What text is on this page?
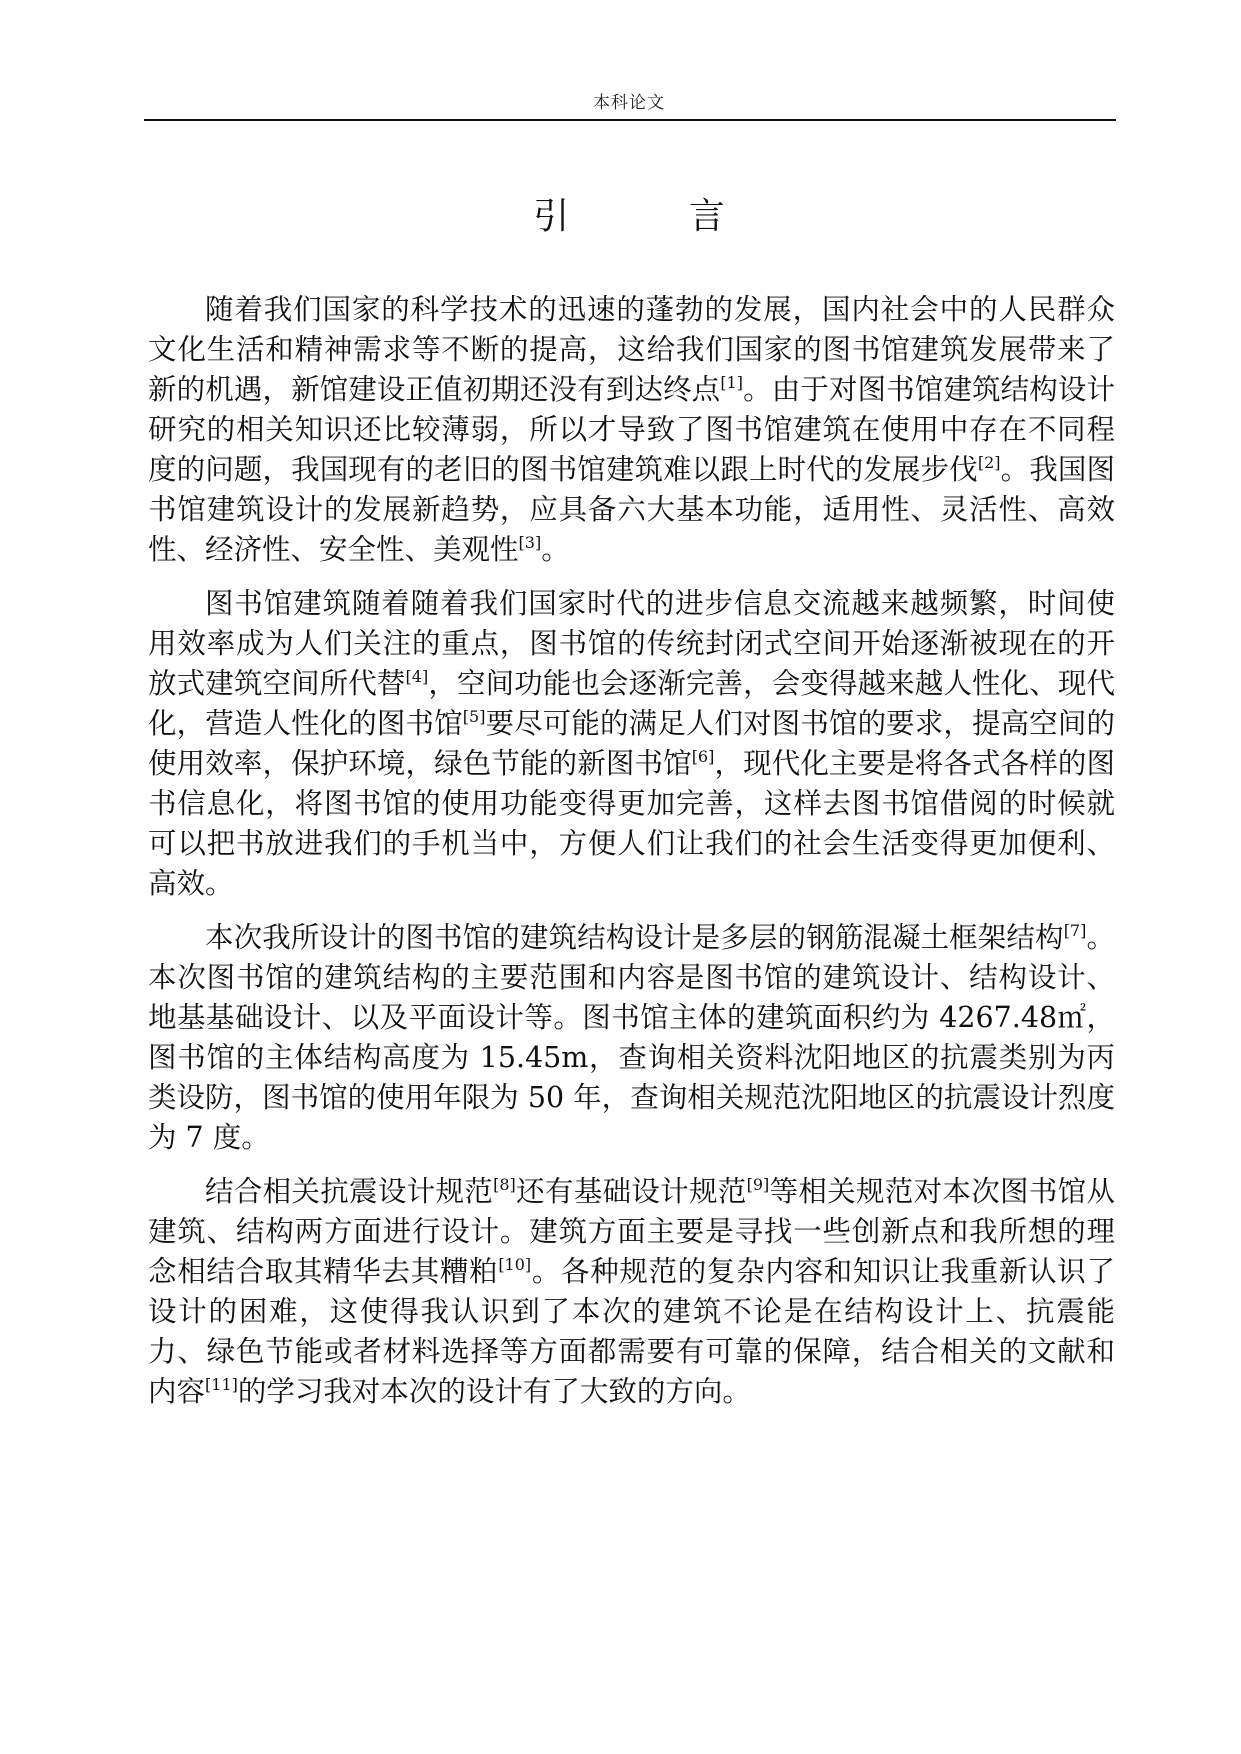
本科论文
引 言

随着我们国家的科学技术的迅速的蓬勃的发展，国内社会中的人民群众文化生活和精神需求等不断的提高，这给我们国家的图书馆建筑发展带来了新的机遇，新馆建设正值初期还没有到达终点[1]。由于对图书馆建筑结构设计研究的相关知识还比较薄弱，所以才导致了图书馆建筑在使用中存在不同程度的问题，我国现有的老旧的图书馆建筑难以跟上时代的发展步伐[2]。我国图书馆建筑设计的发展新趋势，应具备六大基本功能，适用性、灵活性、高效性、经济性、安全性、美观性[3]。

图书馆建筑随着随着我们国家时代的进步信息交流越来越频繁，时间使用效率成为人们关注的重点，图书馆的传统封闭式空间开始逐渐被现在的开放式建筑空间所代替[4]，空间功能也会逐渐完善，会变得越来越人性化、现代化，营造人性化的图书馆[5]要尽可能的满足人们对图书馆的要求，提高空间的使用效率，保护环境，绿色节能的新图书馆[6]，现代化主要是将各式各样的图书信息化，将图书馆的使用功能变得更加完善，这样去图书馆借阅的时候就可以把书放进我们的手机当中，方便人们让我们的社会生活变得更加便利、高效。

本次我所设计的图书馆的建筑结构设计是多层的钢筋混凝土框架结构[7]。本次图书馆的建筑结构的主要范围和内容是图书馆的建筑设计、结构设计、地基基础设计、以及平面设计等。图书馆主体的建筑面积约为 4267.48㎡，图书馆的主体结构高度为 15.45m，查询相关资料沈阳地区的抗震类别为丙类设防，图书馆的使用年限为 50 年，查询相关规范沈阳地区的抗震设计烈度为 7 度。

结合相关抗震设计规范[8]还有基础设计规范[9]等相关规范对本次图书馆从建筑、结构两方面进行设计。建筑方面主要是寻找一些创新点和我所想的理念相结合取其精华去其糟粕[10]。各种规范的复杂内容和知识让我重新认识了设计的困难，这使得我认识到了本次的建筑不论是在结构设计上、抗震能力、绿色节能或者材料选择等方面都需要有可靠的保障，结合相关的文献和内容[11]的学习我对本次的设计有了大致的方向。
